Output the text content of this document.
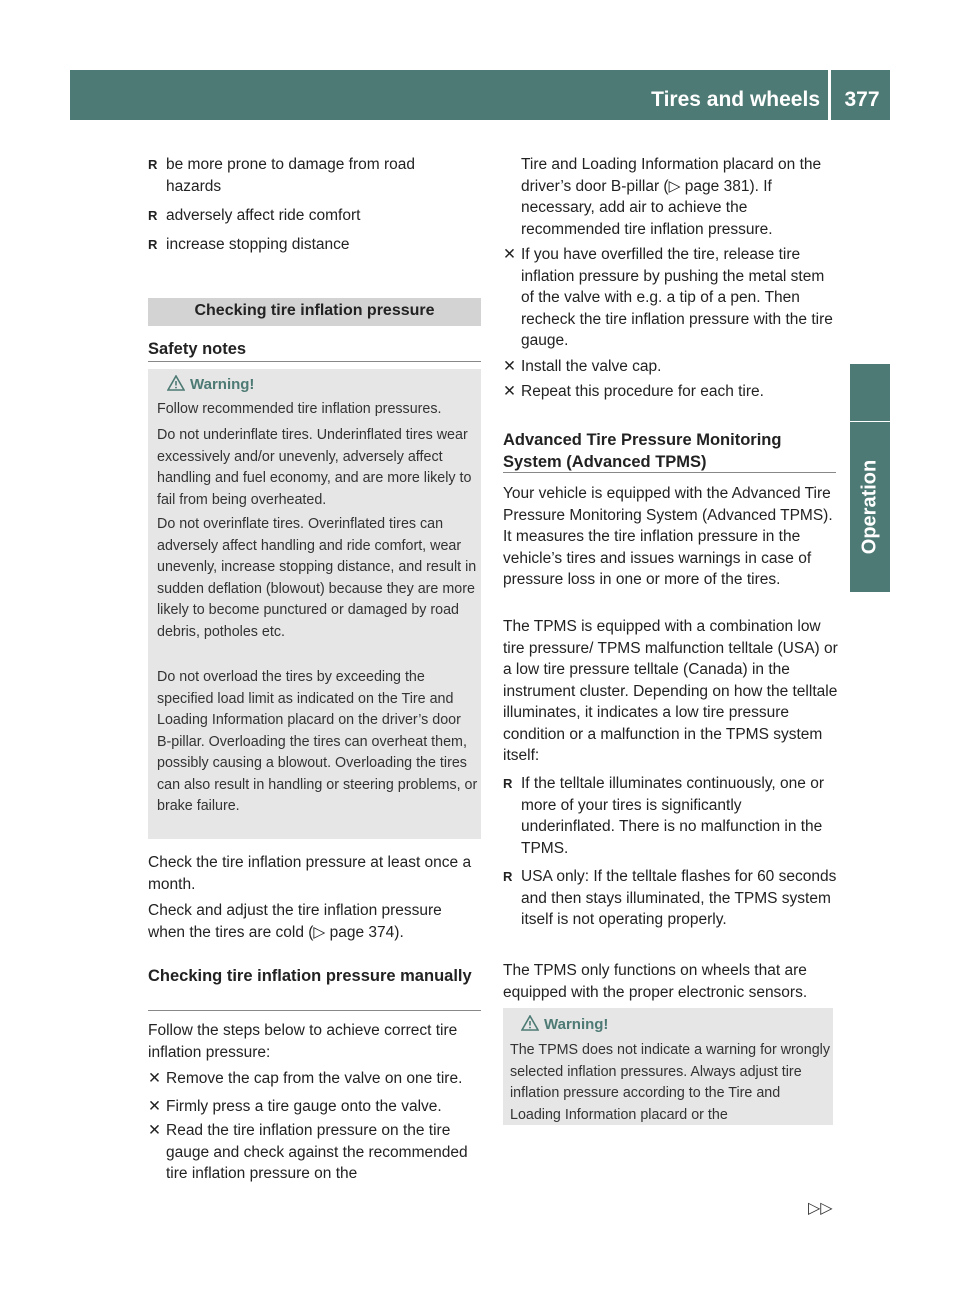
Tires and wheels	377
Operation
R be more prone to damage from road hazards
R adversely affect ride comfort
R increase stopping distance
Checking tire inflation pressure
Safety notes
Warning!
Follow recommended tire inflation pressures.
Do not underinflate tires. Underinflated tires wear excessively and/or unevenly, adversely affect handling and fuel economy, and are more likely to fail from being overheated.
Do not overinflate tires. Overinflated tires can adversely affect handling and ride comfort, wear unevenly, increase stopping distance, and result in sudden deflation (blowout) because they are more likely to become punctured or damaged by road debris, potholes etc.
Do not overload the tires by exceeding the specified load limit as indicated on the Tire and Loading Information placard on the driver’s door B-pillar. Overloading the tires can overheat them, possibly causing a blowout. Overloading the tires can also result in handling or steering problems, or brake failure.
Check the tire inflation pressure at least once a month.
Check and adjust the tire inflation pressure when the tires are cold (▷ page 374).
Checking tire inflation pressure manually
Follow the steps below to achieve correct tire inflation pressure:
✕ Remove the cap from the valve on one tire.
✕ Firmly press a tire gauge onto the valve.
✕ Read the tire inflation pressure on the tire gauge and check against the recommended tire inflation pressure on the
Tire and Loading Information placard on the driver’s door B-pillar (▷ page 381). If necessary, add air to achieve the recommended tire inflation pressure.
✕ If you have overfilled the tire, release tire inflation pressure by pushing the metal stem of the valve with e.g. a tip of a pen. Then recheck the tire inflation pressure with the tire gauge.
✕ Install the valve cap.
✕ Repeat this procedure for each tire.
Advanced Tire Pressure Monitoring System (Advanced TPMS)
Your vehicle is equipped with the Advanced Tire Pressure Monitoring System (Advanced TPMS). It measures the tire inflation pressure in the vehicle’s tires and issues warnings in case of pressure loss in one or more of the tires.
The TPMS is equipped with a combination low tire pressure/ TPMS malfunction telltale (USA) or a low tire pressure telltale (Canada) in the instrument cluster. Depending on how the telltale illuminates, it indicates a low tire pressure condition or a malfunction in the TPMS system itself:
R If the telltale illuminates continuously, one or more of your tires is significantly underinflated. There is no malfunction in the TPMS.
R USA only: If the telltale flashes for 60 seconds and then stays illuminated, the TPMS system itself is not operating properly.
The TPMS only functions on wheels that are equipped with the proper electronic sensors.
Warning!
The TPMS does not indicate a warning for wrongly selected inflation pressures. Always adjust tire inflation pressure according to the Tire and Loading Information placard or the
▷▷
